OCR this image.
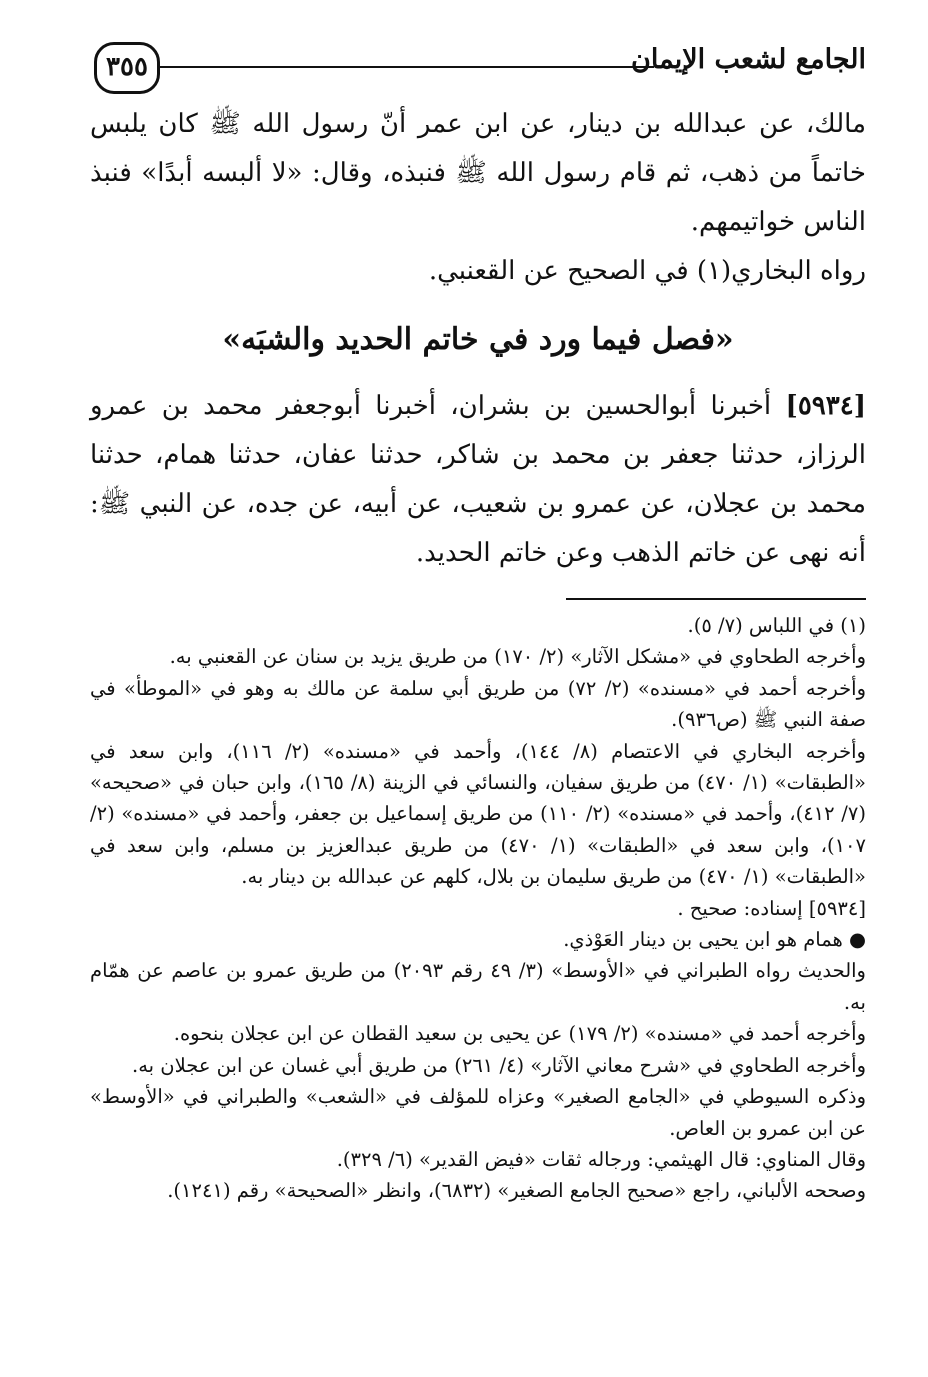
الجامع لشعب الإيمان
٣٥٥

مالك، عن عبدالله بن دينار، عن ابن عمر أنّ رسول الله ﷺ كان يلبس خاتماً من ذهب، ثم قام رسول الله ﷺ فنبذه، وقال: «لا ألبسه أبدًا» فنبذ الناس خواتيمهم.

رواه البخاري(١) في الصحيح عن القعنبي.

«فصل فيما ورد في خاتم الحديد والشبَه»

[٥٩٣٤] أخبرنا أبوالحسين بن بشران، أخبرنا أبوجعفر محمد بن عمرو الرزاز، حدثنا جعفر بن محمد بن شاكر، حدثنا عفان، حدثنا همام، حدثنا محمد بن عجلان، عن عمرو بن شعيب، عن أبيه، عن جده، عن النبي ﷺ: أنه نهى عن خاتم الذهب وعن خاتم الحديد.

(١) في اللباس (٧/ ٥).

وأخرجه الطحاوي في «مشكل الآثار» (٢/ ١٧٠) من طريق يزيد بن سنان عن القعنبي به.

وأخرجه أحمد في «مسنده» (٢/ ٧٢) من طريق أبي سلمة عن مالك به وهو في «الموطأ» في صفة النبي ﷺ (ص٩٣٦).

وأخرجه البخاري في الاعتصام (٨/ ١٤٤)، وأحمد في «مسنده» (٢/ ١١٦)، وابن سعد في «الطبقات» (١/ ٤٧٠) من طريق سفيان، والنسائي في الزينة (٨/ ١٦٥)، وابن حبان في «صحيحه» (٧/ ٤١٢)، وأحمد في «مسنده» (٢/ ١١٠) من طريق إسماعيل بن جعفر، وأحمد في «مسنده» (٢/ ١٠٧)، وابن سعد في «الطبقات» (١/ ٤٧٠) من طريق عبدالعزيز بن مسلم، وابن سعد في «الطبقات» (١/ ٤٧٠) من طريق سليمان بن بلال، كلهم عن عبدالله بن دينار به.

[٥٩٣٤] إسناده: صحيح .

● همام هو ابن يحيى بن دينار العَوْذي.

والحديث رواه الطبراني في «الأوسط» (٣/ ٤٩ رقم ٢٠٩٣) من طريق عمرو بن عاصم عن همّام به.

وأخرجه أحمد في «مسنده» (٢/ ١٧٩) عن يحيى بن سعيد القطان عن ابن عجلان بنحوه.

وأخرجه الطحاوي في «شرح معاني الآثار» (٤/ ٢٦١) من طريق أبي غسان عن ابن عجلان به.

وذكره السيوطي في «الجامع الصغير» وعزاه للمؤلف في «الشعب» والطبراني في «الأوسط» عن ابن عمرو بن العاص.

وقال المناوي: قال الهيثمي: ورجاله ثقات «فيض القدير» (٦/ ٣٢٩).

وصححه الألباني، راجع «صحيح الجامع الصغير» (٦٨٣٢)، وانظر «الصحيحة» رقم (١٢٤١).
